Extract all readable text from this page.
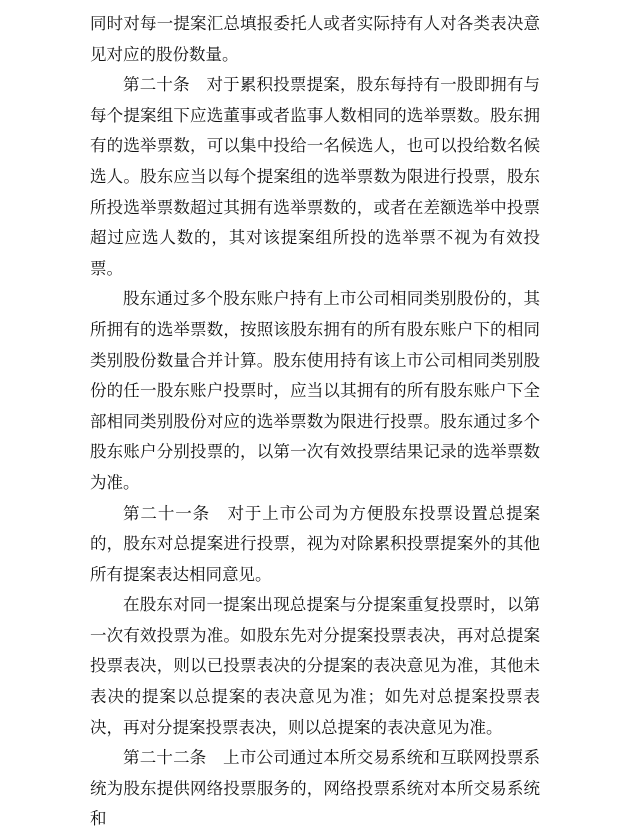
同时对每一提案汇总填报委托人或者实际持有人对各类表决意见对应的股份数量。

第二十条　对于累积投票提案，股东每持有一股即拥有与每个提案组下应选董事或者监事人数相同的选举票数。股东拥有的选举票数，可以集中投给一名候选人，也可以投给数名候选人。股东应当以每个提案组的选举票数为限进行投票，股东所投选举票数超过其拥有选举票数的，或者在差额选举中投票超过应选人数的，其对该提案组所投的选举票不视为有效投票。

股东通过多个股东账户持有上市公司相同类别股份的，其所拥有的选举票数，按照该股东拥有的所有股东账户下的相同类别股份数量合并计算。股东使用持有该上市公司相同类别股份的任一股东账户投票时，应当以其拥有的所有股东账户下全部相同类别股份对应的选举票数为限进行投票。股东通过多个股东账户分别投票的，以第一次有效投票结果记录的选举票数为准。

第二十一条　对于上市公司为方便股东投票设置总提案的，股东对总提案进行投票，视为对除累积投票提案外的其他所有提案表达相同意见。

在股东对同一提案出现总提案与分提案重复投票时，以第一次有效投票为准。如股东先对分提案投票表决，再对总提案投票表决，则以已投票表决的分提案的表决意见为准，其他未表决的提案以总提案的表决意见为准；如先对总提案投票表决，再对分提案投票表决，则以总提案的表决意见为准。

第二十二条　上市公司通过本所交易系统和互联网投票系统为股东提供网络投票服务的，网络投票系统对本所交易系统和
